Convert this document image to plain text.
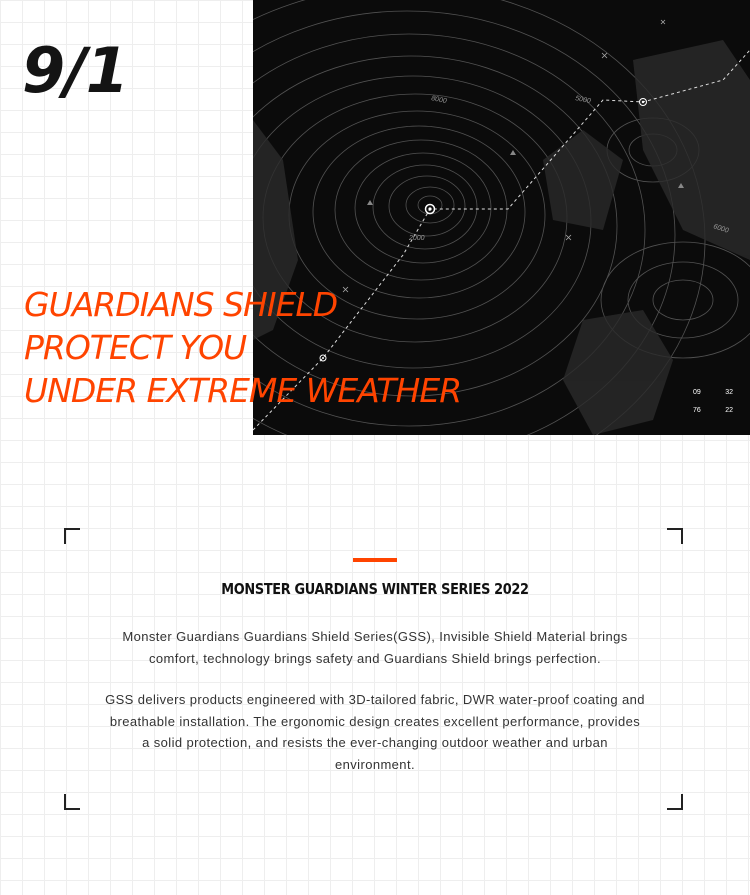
2000
8000	5000
6000
09	32
76	22
9/1
GUARDIANS SHIELD
PROTECT YOU
UNDER EXTREME WEATHER
MONSTER GUARDIANS WINTER SERIES 2022

Monster Guardians Guardians Shield Series(GSS), Invisible Shield Material brings comfort, technology brings safety and Guardians Shield brings perfection.

GSS delivers products engineered with 3D-tailored fabric, DWR water-proof coating and breathable installation. The ergonomic design creates excellent performance, provides a solid protection, and resists the ever-changing outdoor weather and urban environment.
